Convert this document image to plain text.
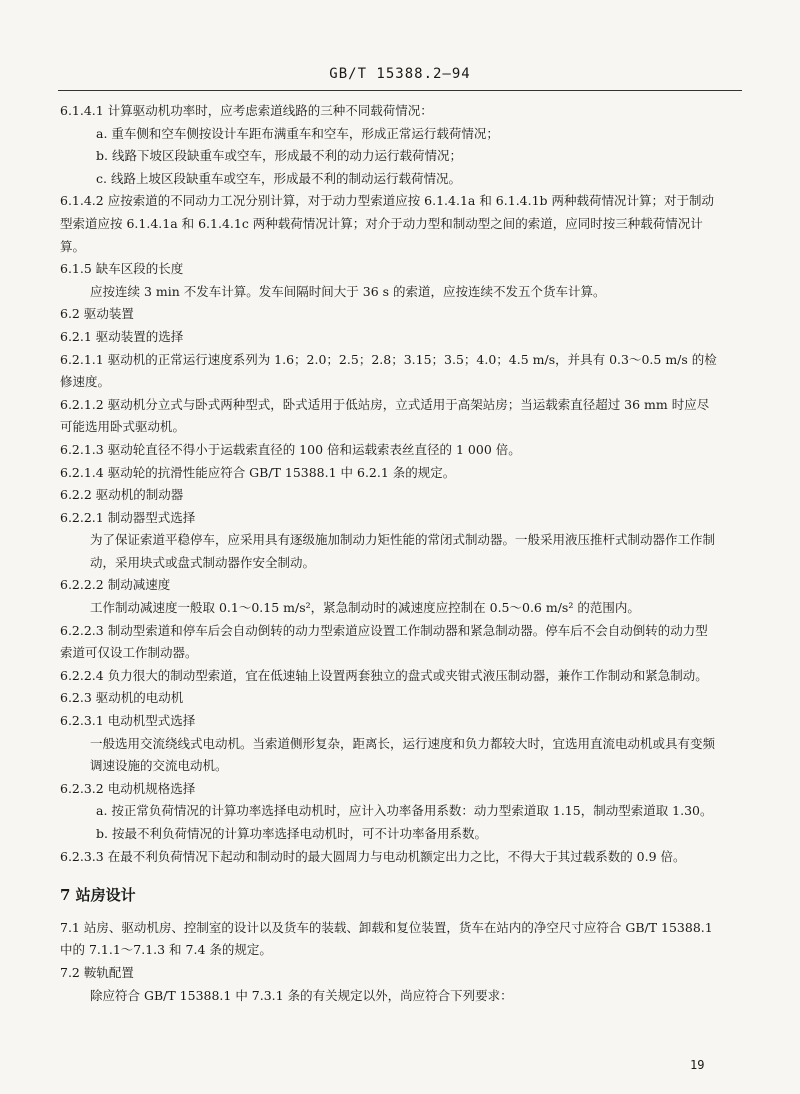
GB/T 15388.2—94
6.1.4.1 计算驱动机功率时，应考虑索道线路的三种不同载荷情况：
a. 重车侧和空车侧按设计车距布满重车和空车，形成正常运行载荷情况；
b. 线路下坡区段缺重车或空车，形成最不利的动力运行载荷情况；
c. 线路上坡区段缺重车或空车，形成最不利的制动运行载荷情况。
6.1.4.2 应按索道的不同动力工况分别计算，对于动力型索道应按 6.1.4.1a 和 6.1.4.1b 两种载荷情况计算；对于制动型索道应按 6.1.4.1a 和 6.1.4.1c 两种载荷情况计算；对介于动力型和制动型之间的索道，应同时按三种载荷情况计算。
6.1.5 缺车区段的长度
应按连续 3 min 不发车计算。发车间隔时间大于 36 s 的索道，应按连续不发五个货车计算。
6.2 驱动装置
6.2.1 驱动装置的选择
6.2.1.1 驱动机的正常运行速度系列为 1.6；2.0；2.5；2.8；3.15；3.5；4.0；4.5 m/s，并具有 0.3～0.5 m/s 的检修速度。
6.2.1.2 驱动机分立式与卧式两种型式，卧式适用于低站房，立式适用于高架站房；当运载索直径超过 36 mm 时应尽可能选用卧式驱动机。
6.2.1.3 驱动轮直径不得小于运载索直径的 100 倍和运载索表丝直径的 1 000 倍。
6.2.1.4 驱动轮的抗滑性能应符合 GB/T 15388.1 中 6.2.1 条的规定。
6.2.2 驱动机的制动器
6.2.2.1 制动器型式选择
为了保证索道平稳停车，应采用具有逐级施加制动力矩性能的常闭式制动器。一般采用液压推杆式制动器作工作制动，采用块式或盘式制动器作安全制动。
6.2.2.2 制动减速度
工作制动减速度一般取 0.1～0.15 m/s²，紧急制动时的减速度应控制在 0.5～0.6 m/s² 的范围内。
6.2.2.3 制动型索道和停车后会自动倒转的动力型索道应设置工作制动器和紧急制动器。停车后不会自动倒转的动力型索道可仅设工作制动器。
6.2.2.4 负力很大的制动型索道，宜在低速轴上设置两套独立的盘式或夹钳式液压制动器，兼作工作制动和紧急制动。
6.2.3 驱动机的电动机
6.2.3.1 电动机型式选择
一般选用交流绕线式电动机。当索道侧形复杂，距离长，运行速度和负力都较大时，宜选用直流电动机或具有变频调速设施的交流电动机。
6.2.3.2 电动机规格选择
a. 按正常负荷情况的计算功率选择电动机时，应计入功率备用系数：动力型索道取 1.15，制动型索道取 1.30。
b. 按最不利负荷情况的计算功率选择电动机时，可不计功率备用系数。
6.2.3.3 在最不利负荷情况下起动和制动时的最大圆周力与电动机额定出力之比，不得大于其过载系数的 0.9 倍。
7 站房设计
7.1 站房、驱动机房、控制室的设计以及货车的装载、卸载和复位装置，货车在站内的净空尺寸应符合 GB/T 15388.1 中的 7.1.1～7.1.3 和 7.4 条的规定。
7.2 鞍轨配置
除应符合 GB/T 15388.1 中 7.3.1 条的有关规定以外，尚应符合下列要求：
19
